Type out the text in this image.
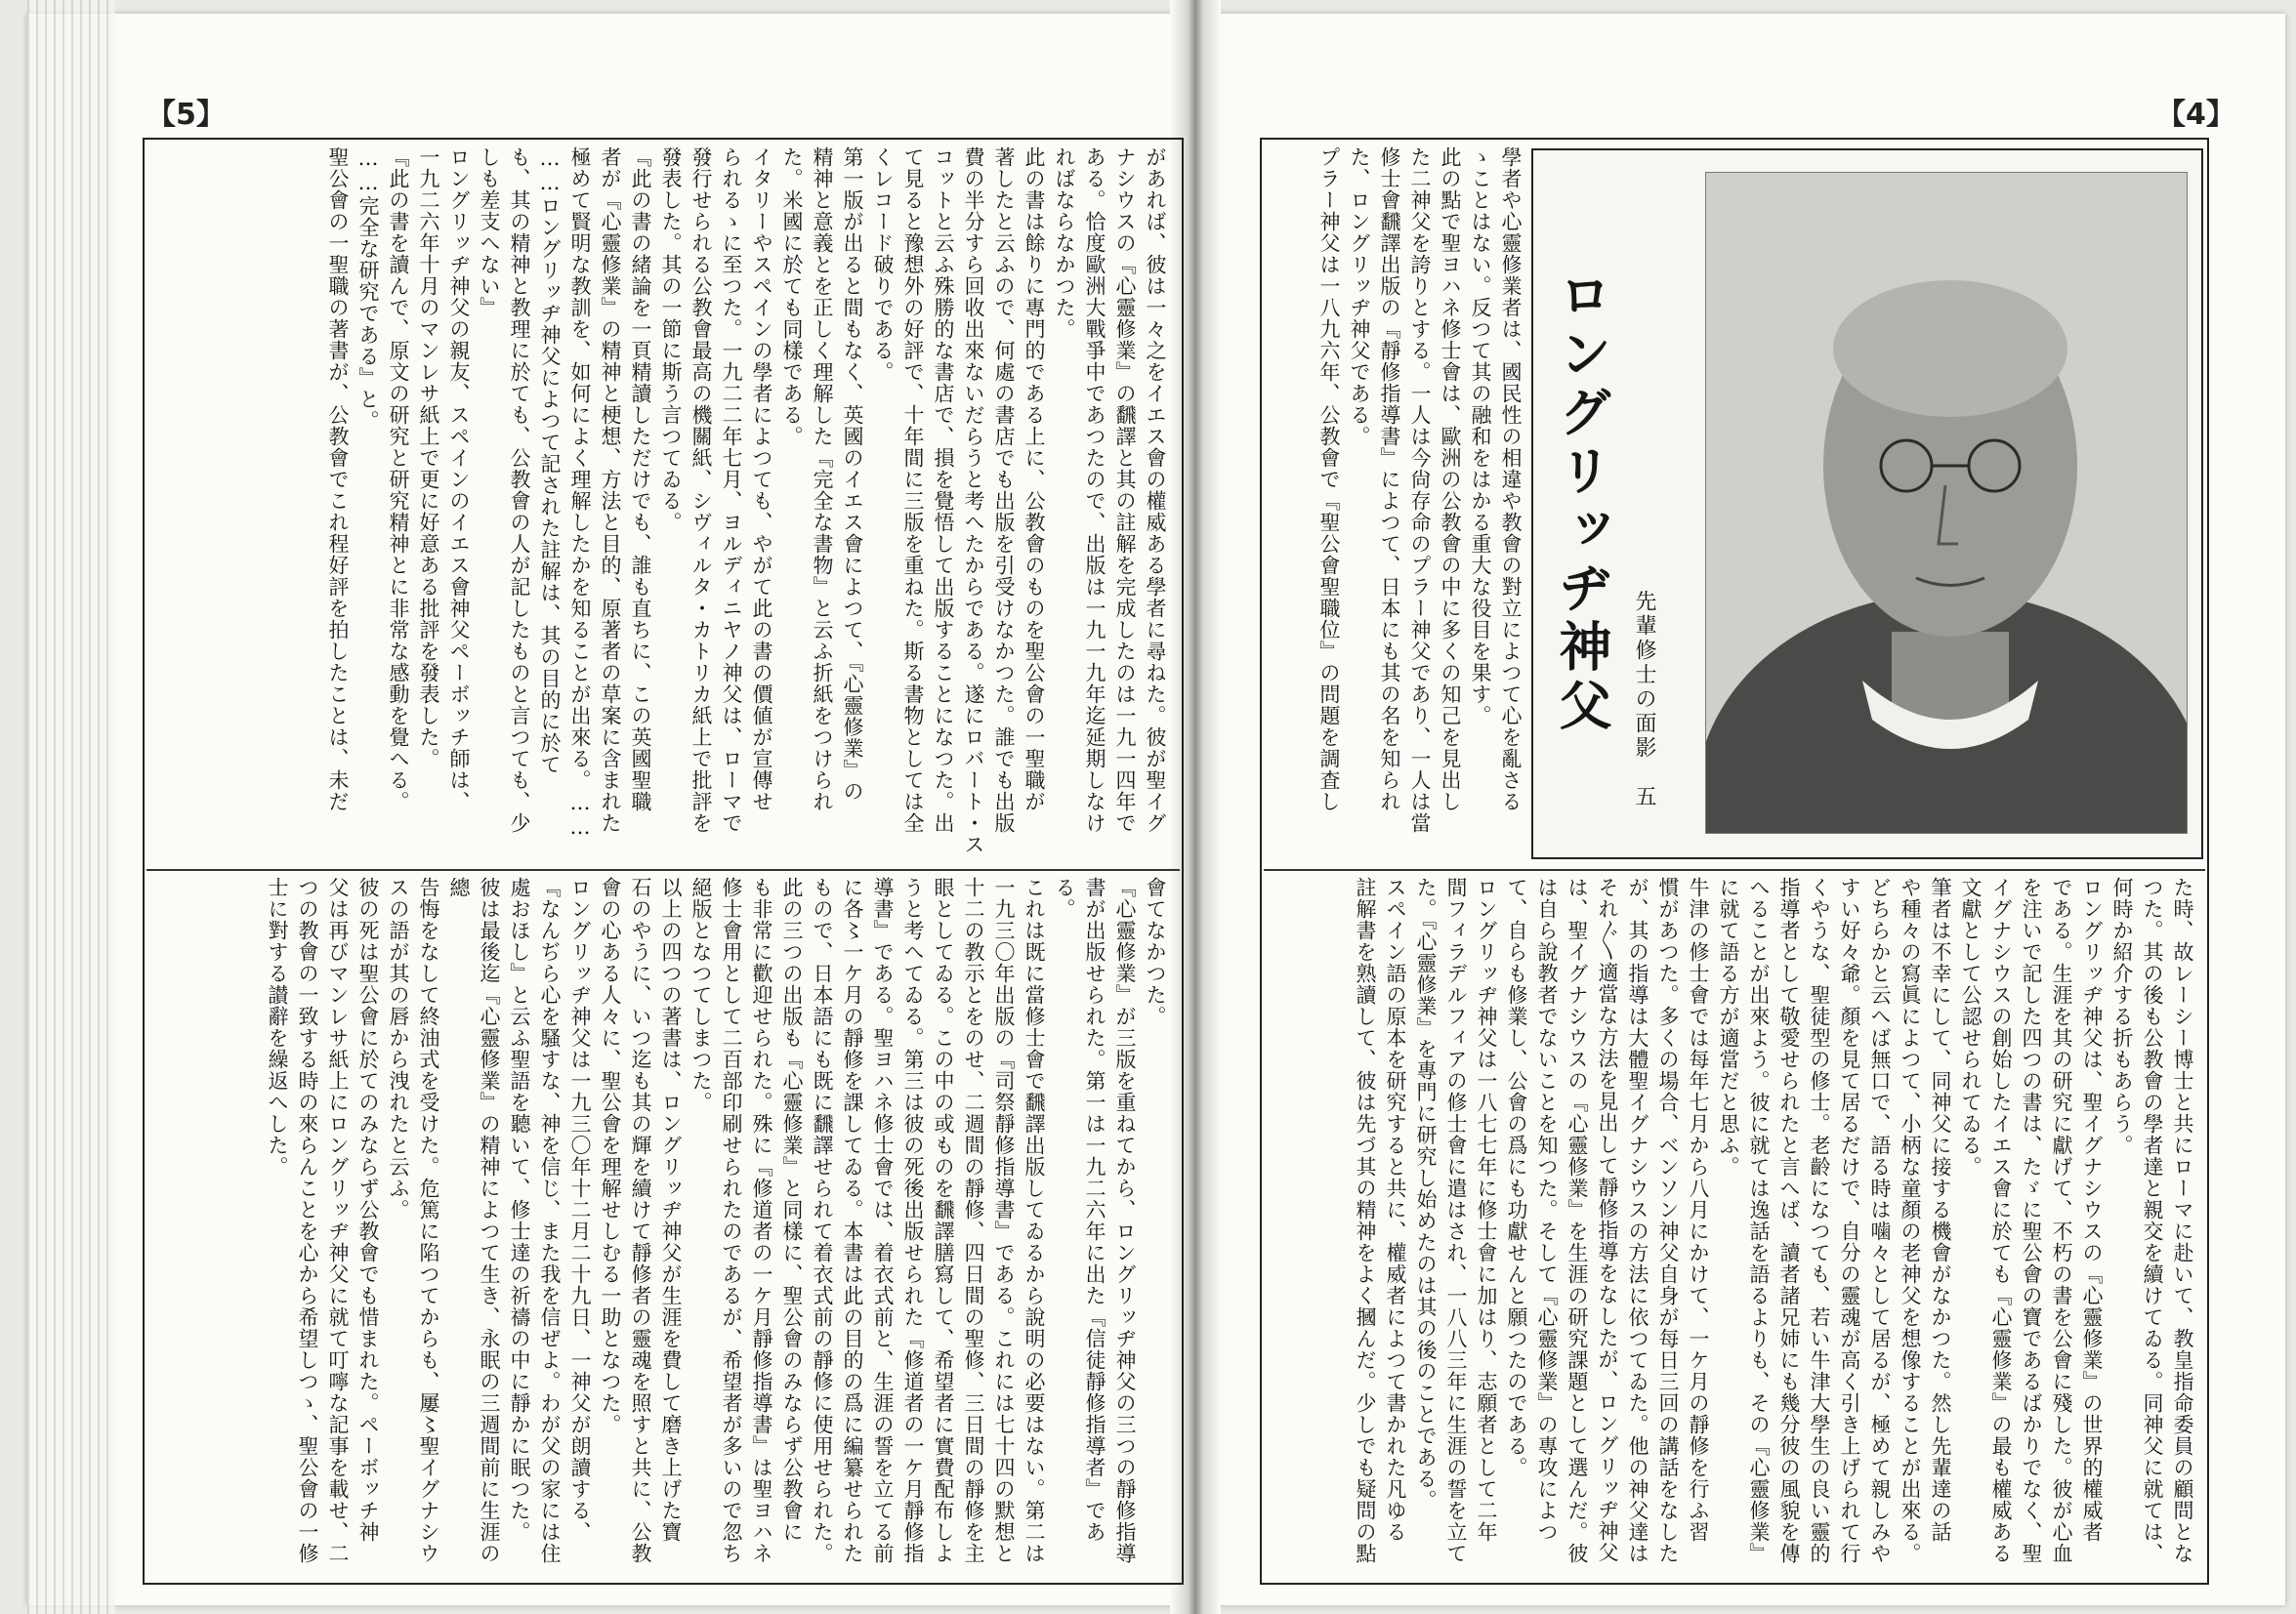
【5】	【4】

があれば、彼は一々之をイエス會の權威ある學者に尋ねた。彼が聖イグ

ナシウスの『心靈修業』の飜譯と其の註解を完成したのは一九一四年で

ある。恰度歐洲大戰爭中であつたので、出版は一九一九年迄延期しなけ

ればならなかつた。

此の書は餘りに專門的である上に、公教會のものを聖公會の一聖職が

著したと云ふので、何處の書店でも出版を引受けなかつた。誰でも出版

費の半分すら回收出來ないだらうと考へたからである。遂にロバート・ス

コットと云ふ殊勝的な書店で、損を覺悟して出版することになつた。出

て見ると豫想外の好評で、十年間に三版を重ねた。斯る書物としては全

くレコード破りである。

第一版が出ると間もなく、英國のイエス會によつて、『心靈修業』の

精神と意義とを正しく理解した『完全な書物』と云ふ折紙をつけられ

た。米國に於ても同樣である。

イタリーやスペインの學者によつても、やがて此の書の價値が宣傳せ

られるゝに至つた。一九二二年七月、ヨルディニヤノ神父は、ローマで

發行せられる公教會最高の機關紙、シヴィルタ・カトリカ紙上で批評を

發表した。其の一節に斯う言つてゐる。

『此の書の緒論を一頁精讀しただけでも、誰も直ちに、この英國聖職

者が『心靈修業』の精神と梗想、方法と目的、原著者の草案に含まれた

極めて賢明な教訓を、如何によく理解したかを知ることが出來る。……

……ロングリッヂ神父によつて記された註解は、其の目的に於て

も、其の精神と教理に於ても、公教會の人が記したものと言つても、少

しも差支へない』

ロングリッヂ神父の親友、スペインのイエス會神父ペーボッチ師は、

一九二六年十月のマンレサ紙上で更に好意ある批評を發表した。

『此の書を讀んで、原文の研究と研究精神とに非常な感動を覺へる。

……完全な研究である』と。

聖公會の一聖職の著書が、公教會でこれ程好評を拍したことは、未だ

會てなかつた。

『心靈修業』が三版を重ねてから、ロングリッヂ神父の三つの靜修指導

書が出版せられた。第一は一九二六年に出た『信徒靜修指導者』である。

これは既に當修士會で飜譯出版してゐるから說明の必要はない。第二は

一九三〇年出版の『司祭靜修指導書』である。これには七十四の默想と

十二の教示とをのせ、二週間の靜修、四日間の聖修、三日間の靜修を主

眼としてゐる。この中の或ものを飜譯膳寫して、希望者に實費配布しよ

うと考へてゐる。第三は彼の死後出版せられた『修道者の一ケ月靜修指

導書』である。聖ヨハネ修士會では、着衣式前と、生涯の誓を立てる前

に各〻一ケ月の靜修を課してゐる。本書は此の目的の爲に編纂せられた

もので、日本語にも既に飜譯せられて着衣式前の靜修に使用せられた。

此の三つの出版も『心靈修業』と同樣に、聖公會のみならず公教會に

も非常に歡迎せられた。殊に『修道者の一ケ月靜修指導書』は聖ヨハネ

修士會用として二百部印刷せられたのであるが、希望者が多いので忽ち

絕版となつてしまつた。

以上の四つの著書は、ロングリッヂ神父が生涯を費して磨き上げた寶

石のやうに、いつ迄も其の輝を續けて靜修者の靈魂を照すと共に、公教

會の心ある人々に、聖公會を理解せしむる一助となつた。

ロングリッヂ神父は一九三〇年十二月二十九日、一神父が朗讀する、

『なんぢら心を騷すな、神を信じ、また我を信ぜよ。わが父の家には住

處おほし』と云ふ聖語を聽いて、修士達の祈禱の中に靜かに眠つた。

彼は最後迄『心靈修業』の精神によつて生き、永眠の三週間前に生涯の總

告悔をなして終油式を受けた。危篤に陷つてからも、屢〻聖イグナシウ

スの語が其の唇から洩れたと云ふ。

彼の死は聖公會に於てのみならず公教會でも惜まれた。ペーボッチ神

父は再びマンレサ紙上にロングリッヂ神父に就て叮嚀な記事を載せ、二

つの教會の一致する時の來らんことを心から希望しつゝ、聖公會の一修

士に對する讃辭を繰返へした。

學者や心靈修業者は、國民性の相違や教會の對立によつて心を亂さる

ゝことはない。反つて其の融和をはかる重大な役目を果す。

此の點で聖ヨハネ修士會は、歐洲の公教會の中に多くの知己を見出し

た二神父を誇りとする。一人は今尙存命のプラー神父であり、一人は當

修士會飜譯出版の『靜修指導書』によつて、日本にも其の名を知られ

た、ロングリッヂ神父である。

プラー神父は一八九六年、公教會で『聖公會聖職位』の問題を調査し	ロングリッヂ神父 先輩修士の面影　五

た時、故レーシー博士と共にローマに赴いて、教皇指命委員の顧問とな

つた。其の後も公教會の學者達と親交を續けてゐる。同神父に就ては、

何時か紹介する折もあらう。

ロングリッヂ神父は、聖イグナシウスの『心靈修業』の世界的權威者

である。生涯を其の研究に獻げて、不朽の書を公會に殘した。彼が心血

を注いで記した四つの書は、たゞに聖公會の寶であるばかりでなく、聖

イグナシウスの創始したイエス會に於ても『心靈修業』の最も權威ある

文獻として公認せられてゐる。

筆者は不幸にして、同神父に接する機會がなかつた。然し先輩達の話

や種々の寫眞によつて、小柄な童顏の老神父を想像することが出來る。

どちらかと云へば無口で、語る時は噛々として居るが、極めて親しみや

すい好々爺。顏を見て居るだけで、自分の靈魂が高く引き上げられて行

くやうな、聖徒型の修士。老齡になつても、若い牛津大學生の良い靈的

指導者として敬愛せられたと言へば、讀者諸兄姉にも幾分彼の風貌を傳

へることが出來よう。彼に就ては逸話を語るよりも、その『心靈修業』

に就て語る方が適當だと思ふ。

牛津の修士會では每年七月から八月にかけて、一ケ月の靜修を行ふ習

慣があつた。多くの場合、ベンソン神父自身が每日三回の講話をなした

が、其の指導は大體聖イグナシウスの方法に依つてゐた。他の神父達は

それ〴〵適當な方法を見出して靜修指導をなしたが、ロングリッヂ神父

は、聖イグナシウスの『心靈修業』を生涯の研究課題として選んだ。彼

は自ら說教者でないことを知つた。そして『心靈修業』の專攻によつ

て、自らも修業し、公會の爲にも功獻せんと願つたのである。

ロングリッヂ神父は一八七七年に修士會に加はり、志願者として二年

間フィラデルフィアの修士會に遣はされ、一八八三年に生涯の誓を立て

た。『心靈修業』を專門に研究し始めたのは其の後のことである。

スペイン語の原本を研究すると共に、權威者によつて書かれた凡ゆる

註解書を熟讀して、彼は先づ其の精神をよく摑んだ。少しでも疑問の點
